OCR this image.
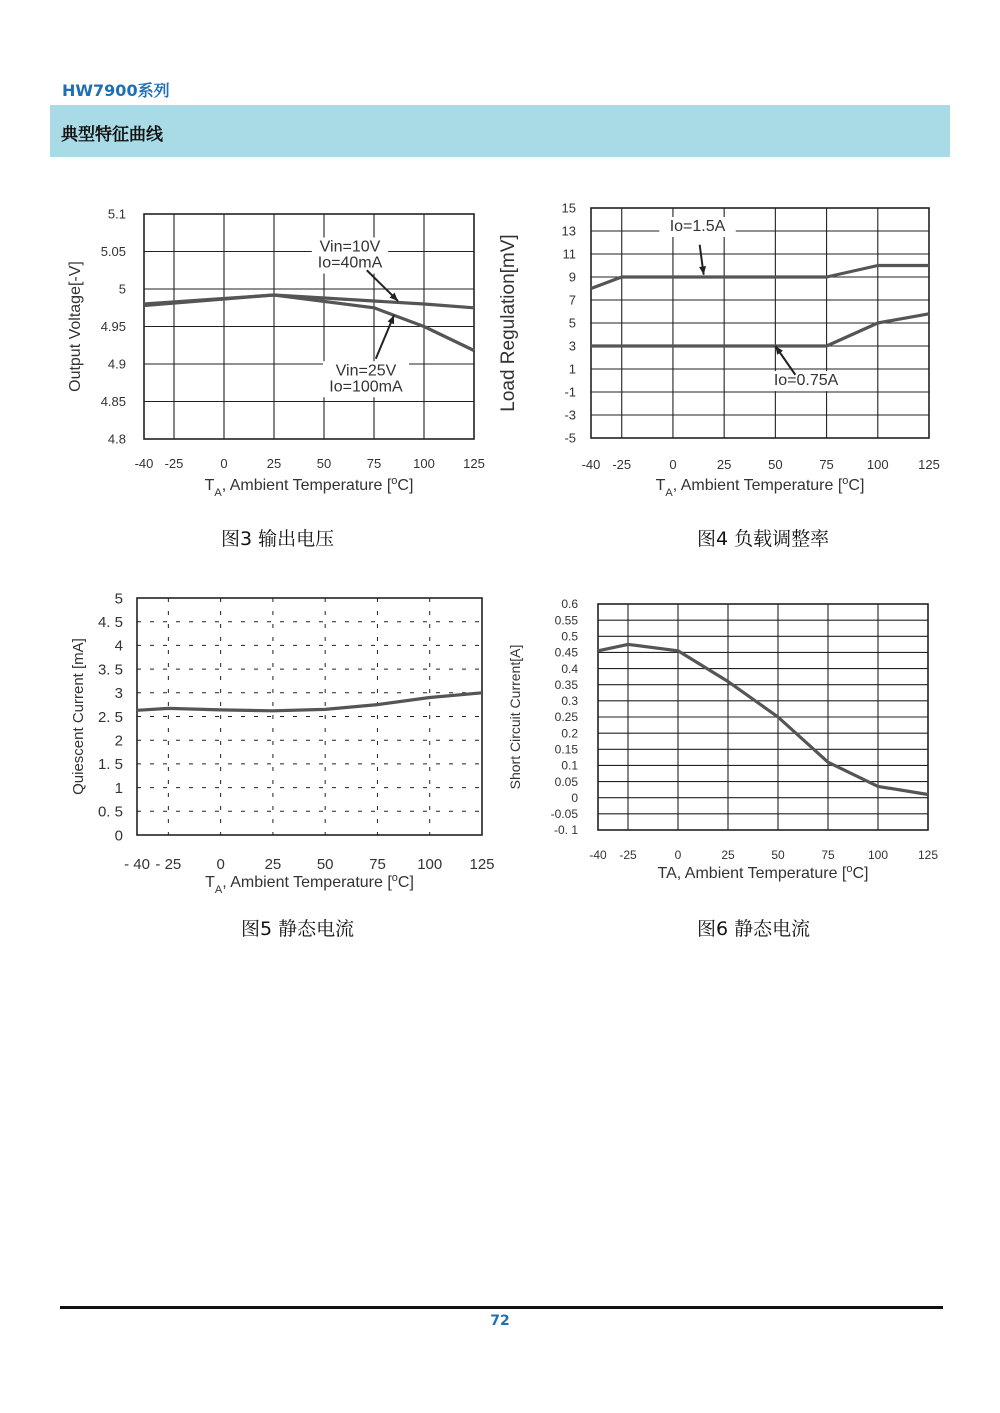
HW7900系列
典型特征曲线
-40 -25	0	25	50	75 100 125
4.8
4.85
4.9
4.95
5
5.05
5.1
Vin=10V
Io=40mA
Vin=25V
Io=100mA
$T_A$, Ambient Temperature [$^o$C]
Output Voltage[-V]
-40 -25	0	25	50	75	100 125
-5
-3
-1
1
3
5
7
9
11
13
15
Io=1.5A
Io=0.75A
$T_A$, Ambient Temperature [$^o$C]
Load Regulation[mV]
- 40 - 25 0	25 50 75 100 125
0
0. 5
1
1. 5
2
2. 5
3
3. 5
4
4. 5
5
$T_A$, Ambient Temperature [$^o$C]
Quiescent Current [mA]
-40 -25	0	25	50	75	100 125
-0. 1
-0.05
0
0.05
0.1
0.15
0.2
0.25
0.3
0.35
0.4
0.45
0.5
0.55
0.6
TA, Ambient Temperature [$^o$C]
Short Circuit Current[A]
图3 输出电压	图4 负载调整率
图5 静态电流	图6 静态电流
72
